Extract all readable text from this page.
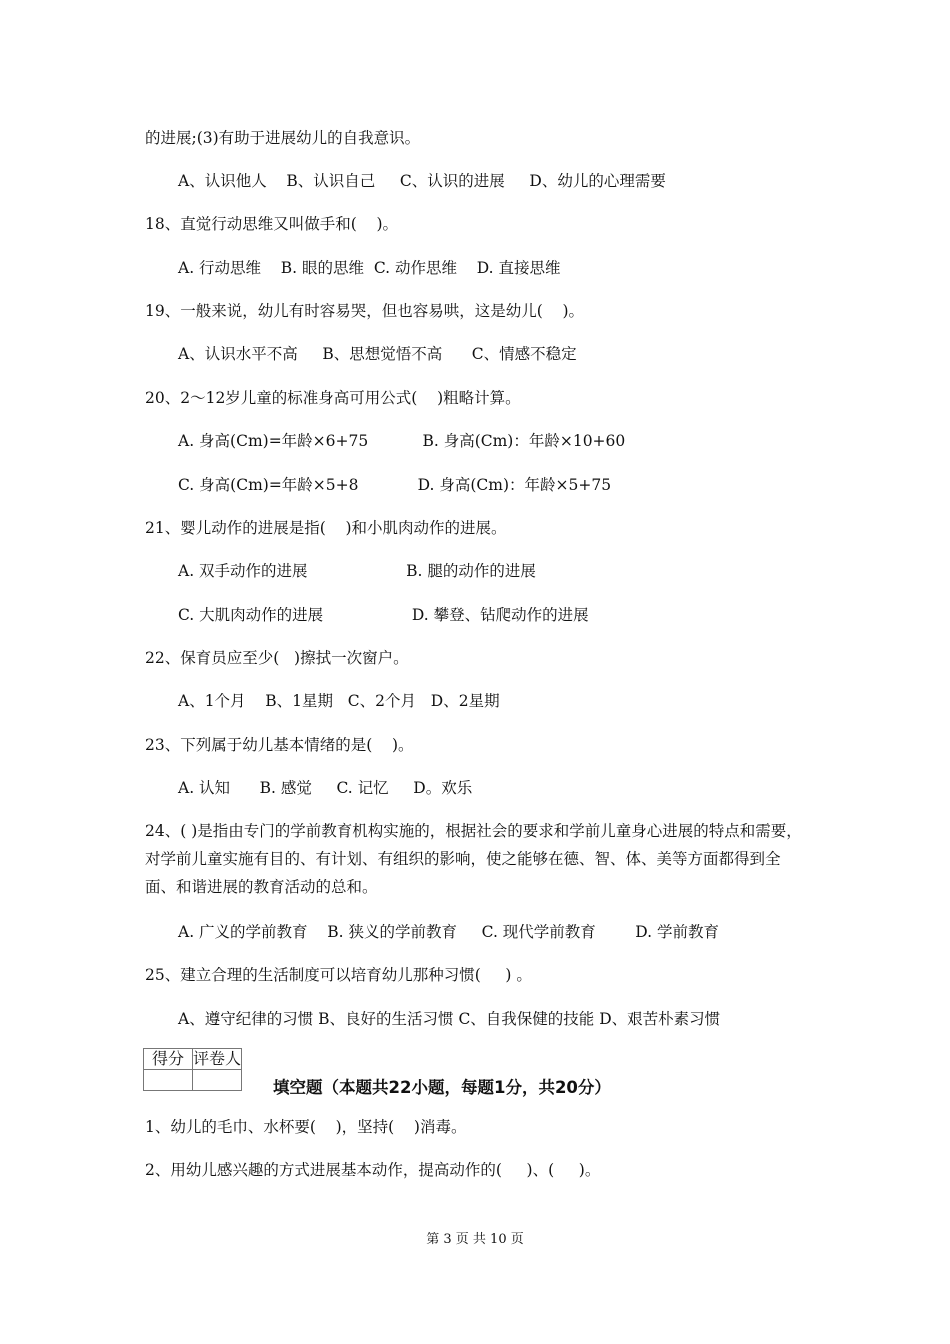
的进展;(3)有助于进展幼儿的自我意识。
A、认识他人    B、认识自己     C、认识的进展     D、幼儿的心理需要
18、直觉行动思维又叫做手和(    )。
A. 行动思维    B. 眼的思维  C. 动作思维    D. 直接思维
19、一般来说，幼儿有时容易哭，但也容易哄，这是幼儿(    )。
A、认识水平不高     B、思想觉悟不高      C、情感不稳定
20、2～12岁儿童的标准身高可用公式(    )粗略计算。
A. 身高(Cm)=年龄×6+75           B. 身高(Cm)：年龄×10+60
C. 身高(Cm)=年龄×5+8            D. 身高(Cm)：年龄×5+75
21、婴儿动作的进展是指(    )和小肌肉动作的进展。
A. 双手动作的进展                    B. 腿的动作的进展
C. 大肌肉动作的进展                  D. 攀登、钻爬动作的进展
22、保育员应至少(   )擦拭一次窗户。
A、1个月    B、1星期   C、2个月   D、2星期
23、下列属于幼儿基本情绪的是(    )。
A. 认知      B. 感觉     C. 记忆     D。欢乐
24、( )是指由专门的学前教育机构实施的，根据社会的要求和学前儿童身心进展的特点和需要，对学前儿童实施有目的、有计划、有组织的影响，使之能够在德、智、体、美等方面都得到全面、和谐进展的教育活动的总和。
A. 广义的学前教育    B. 狭义的学前教育     C. 现代学前教育        D. 学前教育
25、建立合理的生活制度可以培育幼儿那种习惯(     ) 。
A、遵守纪律的习惯 B、良好的生活习惯 C、自我保健的技能 D、艰苦朴素习惯
得分	评卷人

填空题（本题共22小题，每题1分，共20分）
1、幼儿的毛巾、水杯要(    )，坚持(    )消毒。
2、用幼儿感兴趣的方式进展基本动作，提高动作的(     )、(     )。
第 3 页 共 10 页
